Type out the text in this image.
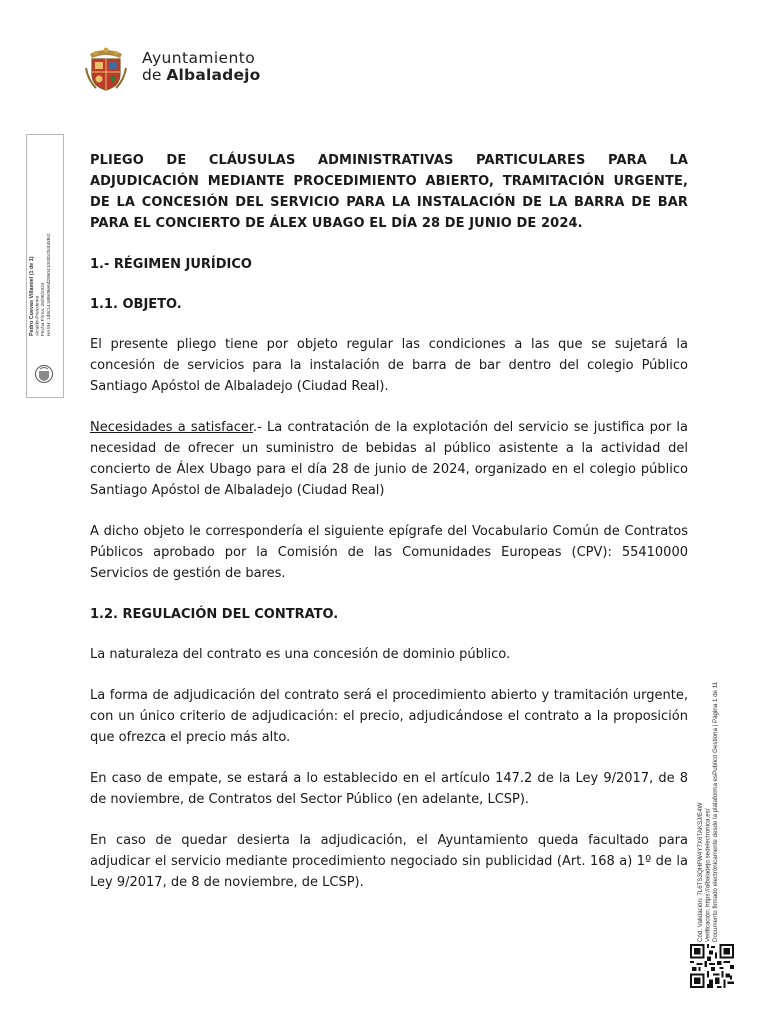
Ayuntamiento
de Albaladejo
Pedro Cuevas Villamiel (1 de 1)
Alcalde-Presidente
Fecha Firma: 26/06/2024
HASH: 1d9c1416fe09e6d286041003b2b4b0d62
Cód. Validación: 7L6TS3QHFW4Y7X6TAKSJ/E4W
Verificación: https://albaladejo.sedelectronica.es/
Documento firmado electrónicamente desde la plataforma esPublico Gestiona | Página 1 de 11
PLIEGO DE CLÁUSULAS ADMINISTRATIVAS PARTICULARES PARA LA ADJUDICACIÓN MEDIANTE PROCEDIMIENTO ABIERTO, TRAMITACIÓN URGENTE, DE LA CONCESIÓN DEL SERVICIO PARA LA INSTALACIÓN DE LA BARRA DE BAR PARA EL CONCIERTO DE ÁLEX UBAGO EL DÍA 28 DE JUNIO DE 2024.
1.- RÉGIMEN JURÍDICO
1.1. OBJETO.
El presente pliego tiene por objeto regular las condiciones a las que se sujetará la concesión de servicios para la instalación de barra de bar dentro del colegio Público Santiago Apóstol de Albaladejo (Ciudad Real).
Necesidades a satisfacer.- La contratación de la explotación del servicio se justifica por la necesidad de ofrecer un suministro de bebidas al público asistente a la actividad del concierto de Álex Ubago para el día 28 de junio de 2024, organizado en el colegio público Santiago Apóstol de Albaladejo (Ciudad Real)
A dicho objeto le correspondería el siguiente epígrafe del Vocabulario Común de Contratos Públicos aprobado por la Comisión de las Comunidades Europeas (CPV): 55410000 Servicios de gestión de bares.
1.2. REGULACIÓN DEL CONTRATO.
La naturaleza del contrato es una concesión de dominio público.
La forma de adjudicación del contrato será el procedimiento abierto y tramitación urgente, con un único criterio de adjudicación: el precio, adjudicándose el contrato a la proposición que ofrezca el precio más alto.
En caso de empate, se estará a lo establecido en el artículo 147.2 de la Ley 9/2017, de 8 de noviembre, de Contratos del Sector Público (en adelante, LCSP).
En caso de quedar desierta la adjudicación, el Ayuntamiento queda facultado para adjudicar el servicio mediante procedimiento negociado sin publicidad (Art. 168 a) 1º de la Ley 9/2017, de 8 de noviembre, de LCSP).
